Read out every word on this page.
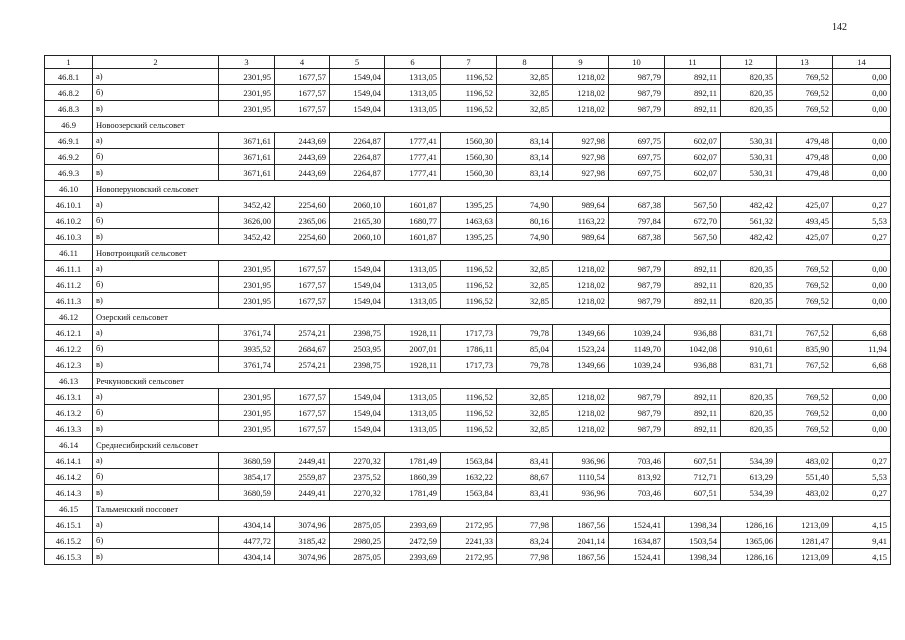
142
1	2	3	4	5	6	7	8	9	10	11	12	13	14
46.8.1	а)	2301,95	1677,57	1549,04	1313,05	1196,52	32,85	1218,02	987,79	892,11	820,35	769,52	0,00
46.8.2	б)	2301,95	1677,57	1549,04	1313,05	1196,52	32,85	1218,02	987,79	892,11	820,35	769,52	0,00
46.8.3	в)	2301,95	1677,57	1549,04	1313,05	1196,52	32,85	1218,02	987,79	892,11	820,35	769,52	0,00
46.9	Новоозерский сельсовет												
46.9.1	а)	3671,61	2443,69	2264,87	1777,41	1560,30	83,14	927,98	697,75	602,07	530,31	479,48	0,00
46.9.2	б)	3671,61	2443,69	2264,87	1777,41	1560,30	83,14	927,98	697,75	602,07	530,31	479,48	0,00
46.9.3	в)	3671,61	2443,69	2264,87	1777,41	1560,30	83,14	927,98	697,75	602,07	530,31	479,48	0,00
46.10	Новоперуновский сельсовет												
46.10.1	а)	3452,42	2254,60	2060,10	1601,87	1395,25	74,90	989,64	687,38	567,50	482,42	425,07	0,27
46.10.2	б)	3626,00	2365,06	2165,30	1680,77	1463,63	80,16	1163,22	797,84	672,70	561,32	493,45	5,53
46.10.3	в)	3452,42	2254,60	2060,10	1601,87	1395,25	74,90	989,64	687,38	567,50	482,42	425,07	0,27
46.11	Новотроицкий сельсовет												
46.11.1	а)	2301,95	1677,57	1549,04	1313,05	1196,52	32,85	1218,02	987,79	892,11	820,35	769,52	0,00
46.11.2	б)	2301,95	1677,57	1549,04	1313,05	1196,52	32,85	1218,02	987,79	892,11	820,35	769,52	0,00
46.11.3	в)	2301,95	1677,57	1549,04	1313,05	1196,52	32,85	1218,02	987,79	892,11	820,35	769,52	0,00
46.12	Озерский сельсовет												
46.12.1	а)	3761,74	2574,21	2398,75	1928,11	1717,73	79,78	1349,66	1039,24	936,88	831,71	767,52	6,68
46.12.2	б)	3935,52	2684,67	2503,95	2007,01	1786,11	85,04	1523,24	1149,70	1042,08	910,61	835,90	11,94
46.12.3	в)	3761,74	2574,21	2398,75	1928,11	1717,73	79,78	1349,66	1039,24	936,88	831,71	767,52	6,68
46.13	Речкуновский сельсовет												
46.13.1	а)	2301,95	1677,57	1549,04	1313,05	1196,52	32,85	1218,02	987,79	892,11	820,35	769,52	0,00
46.13.2	б)	2301,95	1677,57	1549,04	1313,05	1196,52	32,85	1218,02	987,79	892,11	820,35	769,52	0,00
46.13.3	в)	2301,95	1677,57	1549,04	1313,05	1196,52	32,85	1218,02	987,79	892,11	820,35	769,52	0,00
46.14	Среднесибирский сельсовет												
46.14.1	а)	3680,59	2449,41	2270,32	1781,49	1563,84	83,41	936,96	703,46	607,51	534,39	483,02	0,27
46.14.2	б)	3854,17	2559,87	2375,52	1860,39	1632,22	88,67	1110,54	813,92	712,71	613,29	551,40	5,53
46.14.3	в)	3680,59	2449,41	2270,32	1781,49	1563,84	83,41	936,96	703,46	607,51	534,39	483,02	0,27
46.15	Тальменский поссовет												
46.15.1	а)	4304,14	3074,96	2875,05	2393,69	2172,95	77,98	1867,56	1524,41	1398,34	1286,16	1213,09	4,15
46.15.2	б)	4477,72	3185,42	2980,25	2472,59	2241,33	83,24	2041,14	1634,87	1503,54	1365,06	1281,47	9,41
46.15.3	в)	4304,14	3074,96	2875,05	2393,69	2172,95	77,98	1867,56	1524,41	1398,34	1286,16	1213,09	4,15
